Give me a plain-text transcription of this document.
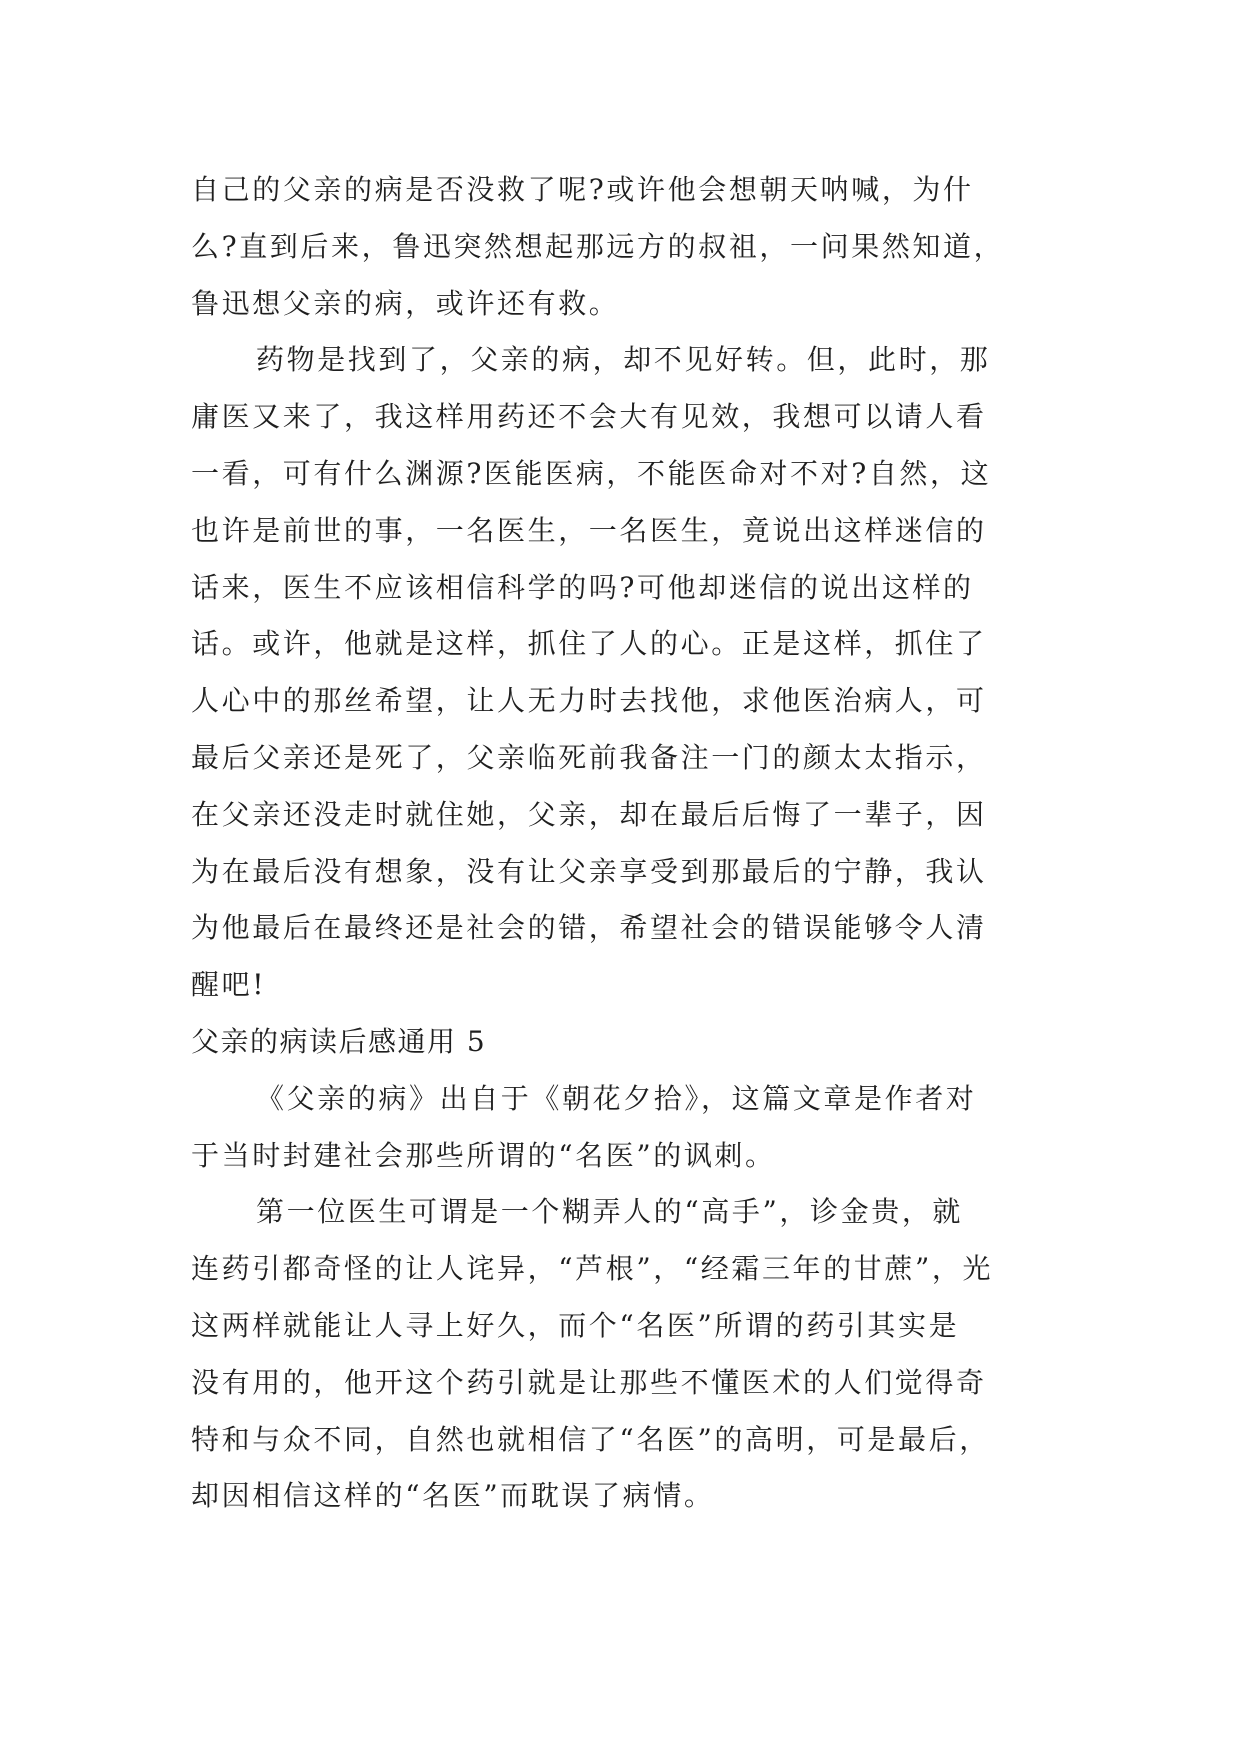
自己的父亲的病是否没救了呢?或许他会想朝天呐喊，为什
么?直到后来，鲁迅突然想起那远方的叔祖，一问果然知道，
鲁迅想父亲的病，或许还有救。

药物是找到了，父亲的病，却不见好转。但，此时，那
庸医又来了，我这样用药还不会大有见效，我想可以请人看
一看，可有什么渊源?医能医病，不能医命对不对?自然，这
也许是前世的事，一名医生，一名医生，竟说出这样迷信的
话来，医生不应该相信科学的吗?可他却迷信的说出这样的
话。或许，他就是这样，抓住了人的心。正是这样，抓住了
人心中的那丝希望，让人无力时去找他，求他医治病人，可
最后父亲还是死了，父亲临死前我备注一门的颜太太指示，
在父亲还没走时就住她，父亲，却在最后后悔了一辈子，因
为在最后没有想象，没有让父亲享受到那最后的宁静，我认
为他最后在最终还是社会的错，希望社会的错误能够令人清
醒吧!

父亲的病读后感通用 5

《父亲的病》出自于《朝花夕拾》，这篇文章是作者对
于当时封建社会那些所谓的“名医”的讽刺。

第一位医生可谓是一个糊弄人的“高手”，诊金贵，就
连药引都奇怪的让人诧异，“芦根”，“经霜三年的甘蔗”，光
这两样就能让人寻上好久，而个“名医”所谓的药引其实是
没有用的，他开这个药引就是让那些不懂医术的人们觉得奇
特和与众不同，自然也就相信了“名医”的高明，可是最后，
却因相信这样的“名医”而耽误了病情。
